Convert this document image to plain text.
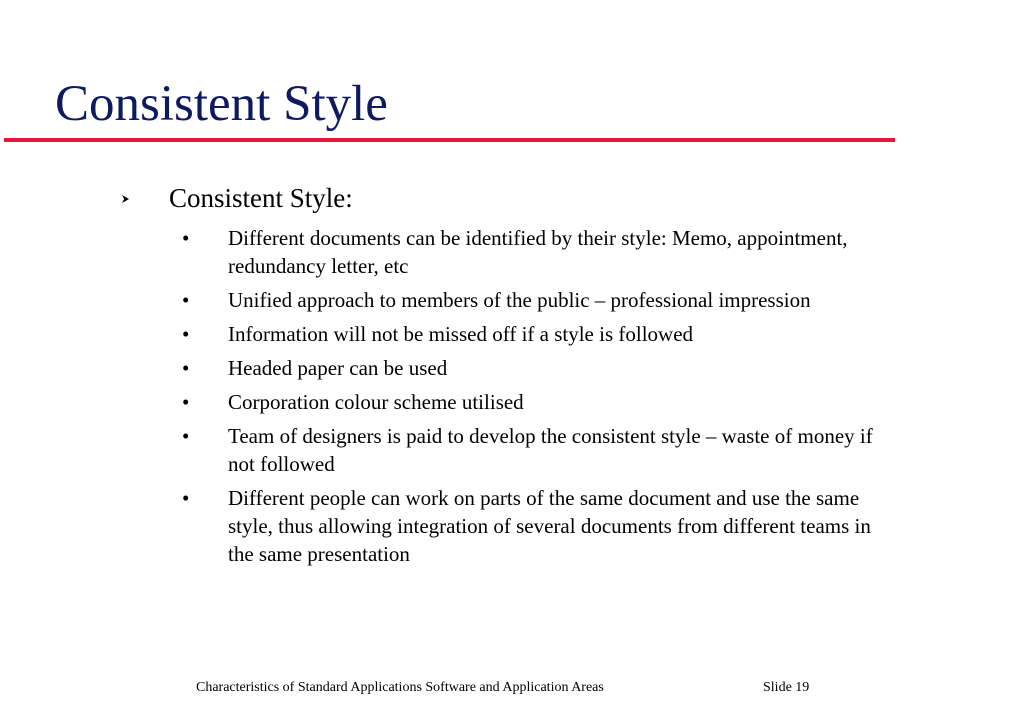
Consistent Style
Consistent Style:
• Different documents can be identified by their style: Memo, appointment, redundancy letter, etc
• Unified approach to members of the public – professional impression
• Information will not be missed off if a style is followed
• Headed paper can be used
• Corporation colour scheme utilised
• Team of designers is paid to develop the consistent style – waste of money if not followed
• Different people can work on parts of the same document and use the same style, thus allowing integration of several documents from different teams in the same presentation
Characteristics of Standard Applications Software and Application Areas	Slide 19
